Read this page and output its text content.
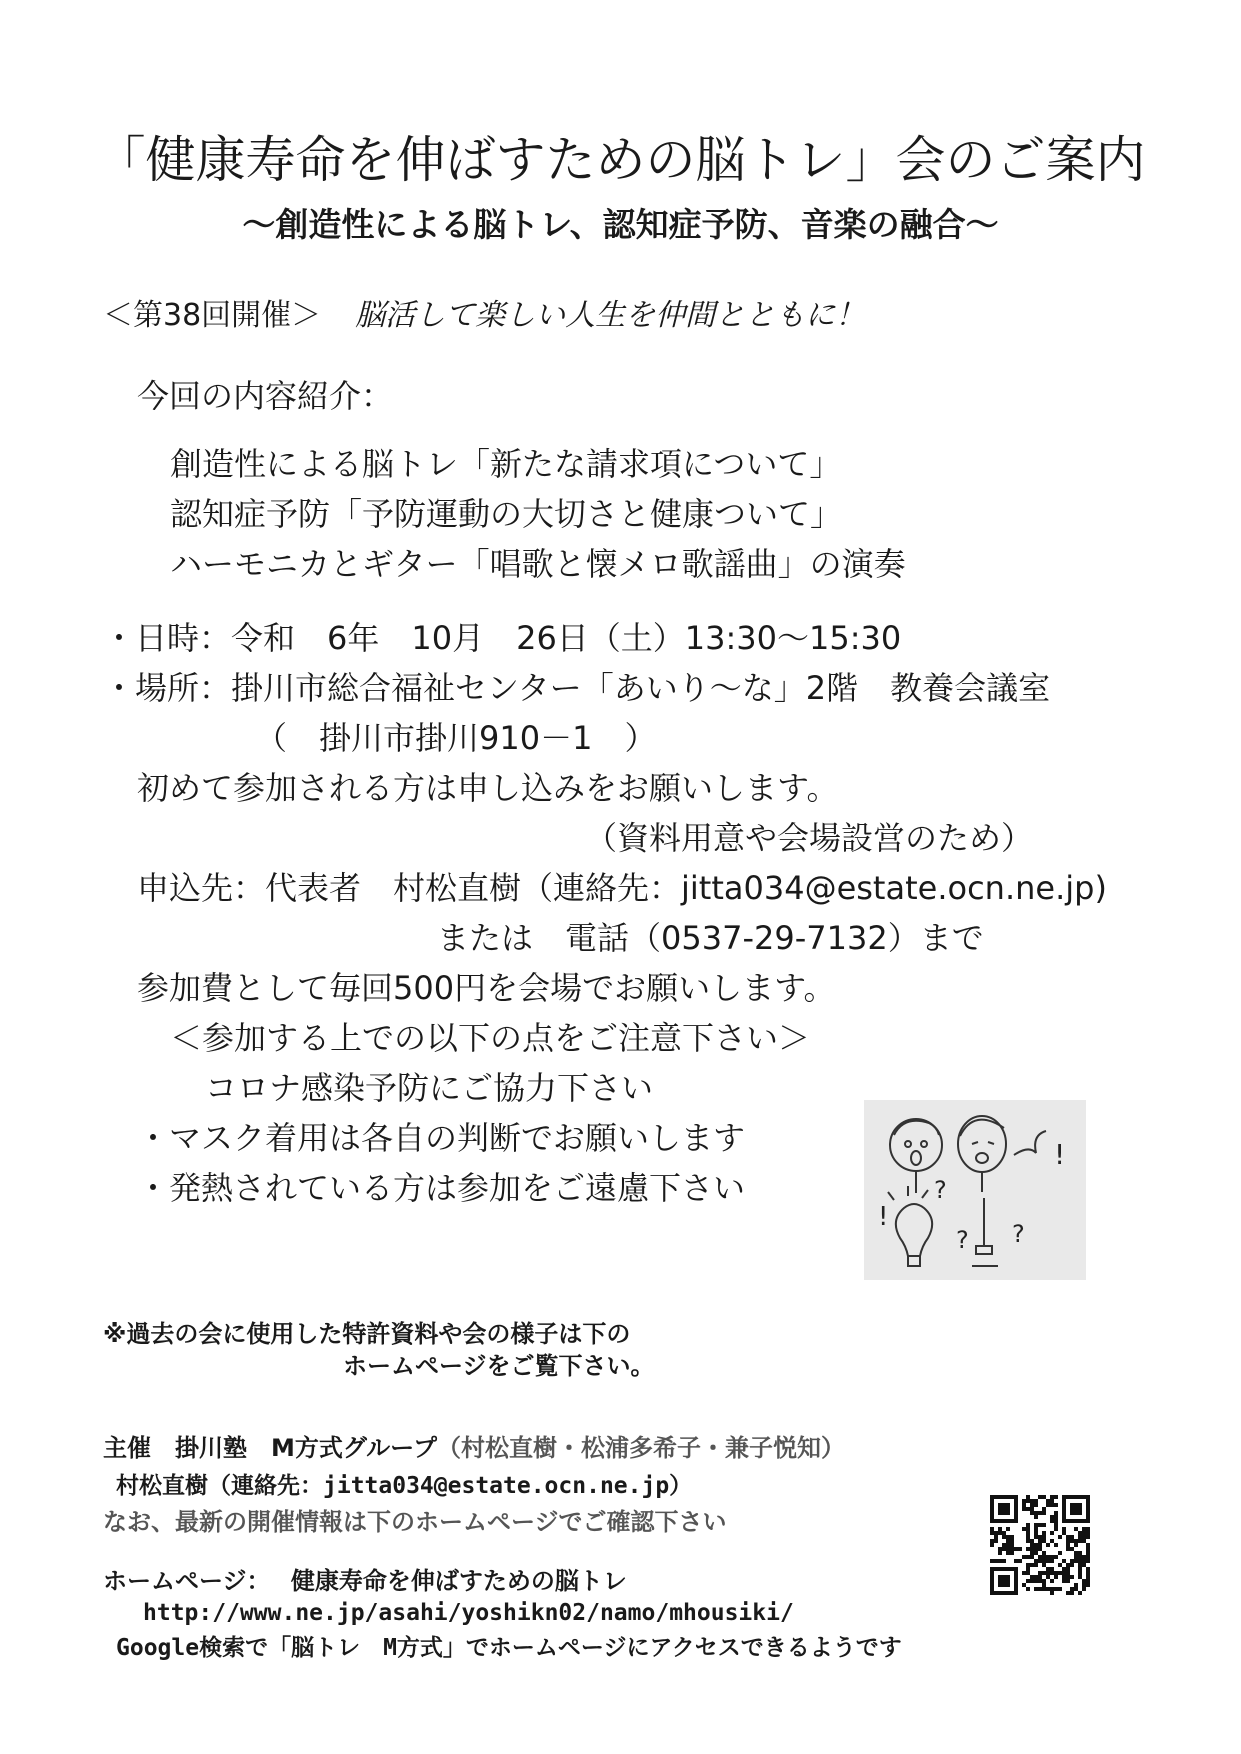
「健康寿命を伸ばすための脳トレ」会のご案内
〜創造性による脳トレ、認知症予防、音楽の融合〜
＜第38回開催＞ 脳活して楽しい人生を仲間とともに！
今回の内容紹介：
創造性による脳トレ「新たな請求項について」
認知症予防「予防運動の大切さと健康ついて」
ハーモニカとギター「唱歌と懐メロ歌謡曲」の演奏
・日時：令和　6年　10月　26日（土）13:30〜15:30
・場所：掛川市総合福祉センター「あいり〜な」2階　教養会議室
（　掛川市掛川910－1　）
初めて参加される方は申し込みをお願いします。
（資料用意や会場設営のため）
申込先：代表者　村松直樹（連絡先：jitta034@estate.ocn.ne.jp)
または　電話（0537-29-7132）まで
参加費として毎回500円を会場でお願いします。
＜参加する上での以下の点をご注意下さい＞
コロナ感染予防にご協力下さい
・マスク着用は各自の判断でお願いします
・発熱されている方は参加をご遠慮下さい
!
?
? ?
!
※過去の会に使用した特許資料や会の様子は下の
ホームページをご覧下さい。
主催　掛川塾　M方式グループ（村松直樹・松浦多希子・兼子悦知）
村松直樹（連絡先：jitta034@estate.ocn.ne.jp）
なお、最新の開催情報は下のホームページでご確認下さい
ホームページ：　 健康寿命を伸ばすための脳トレ
http://www.ne.jp/asahi/yoshikn02/namo/mhousiki/
Google検索で「脳トレ　M方式」でホームページにアクセスできるようです
